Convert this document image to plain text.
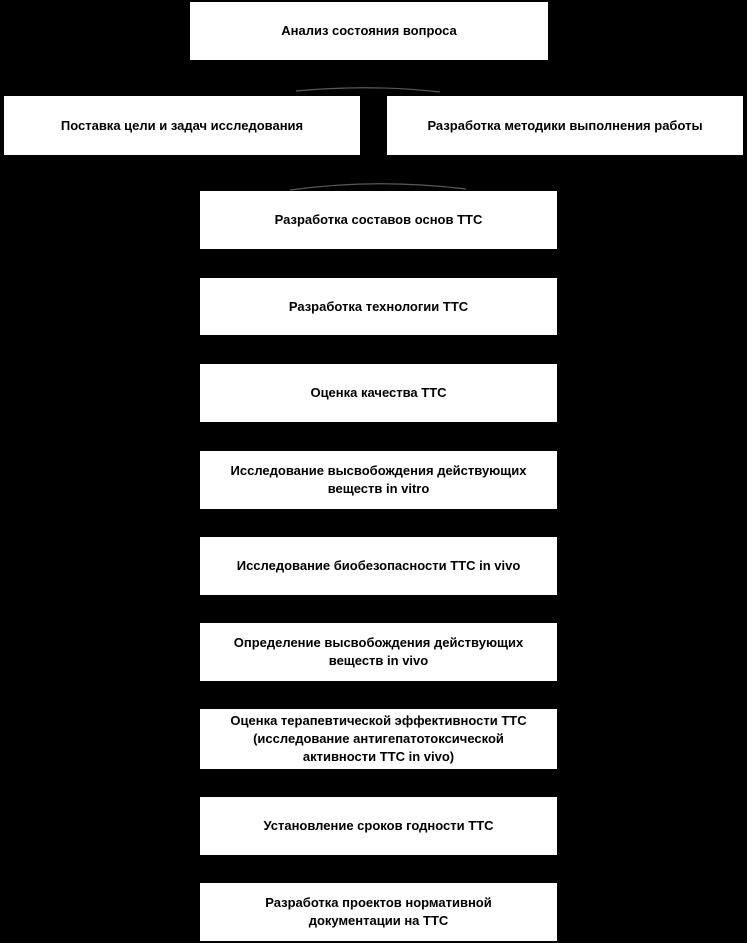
Анализ состояния вопроса
Поставка цели и задач исследования	Разработка методики выполнения работы
Разработка составов основ ТТС
Разработка технологии ТТС
Оценка качества ТТС
Исследование высвобождения действующих
веществ in vitro
Исследование биобезопасности ТТС in vivo
Определение высвобождения действующих
веществ in vivo
Оценка терапевтической эффективности ТТС
(исследование антигепатотоксической
активности ТТС in vivo)
Установление сроков годности ТТС
Разработка проектов нормативной
документации на ТТС
